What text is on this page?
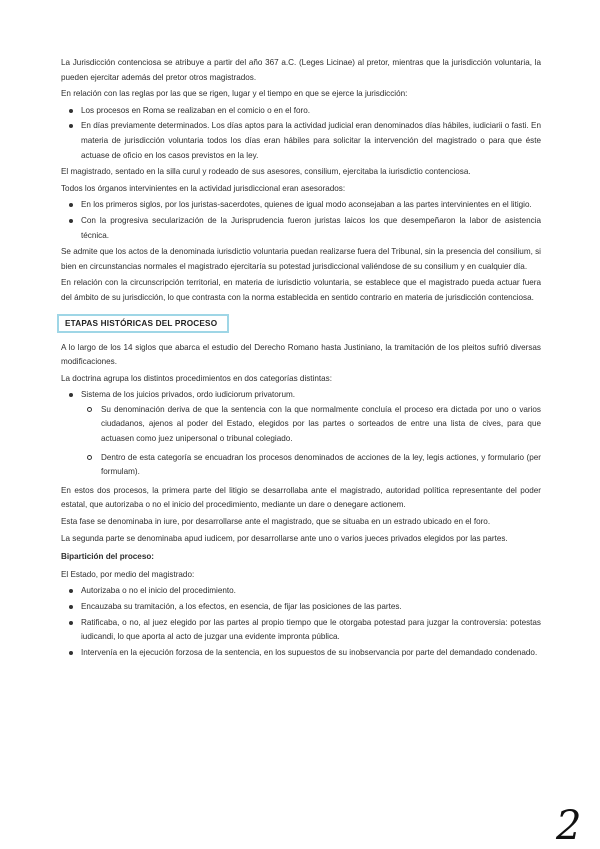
La Jurisdicción contenciosa se atribuye a partir del año 367 a.C. (Leges Licinae) al pretor, mientras que la jurisdicción voluntaria, la pueden ejercitar además del pretor otros magistrados.

En relación con las reglas por las que se rigen, lugar y el tiempo en que se ejerce la jurisdicción:

Los procesos en Roma se realizaban en el comicio o en el foro.
En días previamente determinados. Los días aptos para la actividad judicial eran denominados días hábiles, iudiciarii o fasti. En materia de jurisdicción voluntaria todos los días eran hábiles para solicitar la intervención del magistrado o para que éste actuase de oficio en los casos previstos en la ley.

El magistrado, sentado en la silla curul y rodeado de sus asesores, consilium, ejercitaba la iurisdictio contenciosa.

Todos los órganos intervinientes en la actividad jurisdiccional eran asesorados:

En los primeros siglos, por los juristas-sacerdotes, quienes de igual modo aconsejaban a las partes intervinientes en el litigio.
Con la progresiva secularización de la Jurisprudencia fueron juristas laicos los que desempeñaron la labor de asistencia técnica.

Se admite que los actos de la denominada iurisdictio voluntaria puedan realizarse fuera del Tribunal, sin la presencia del consilium, si bien en circunstancias normales el magistrado ejercitaría su potestad jurisdiccional valiéndose de su consilium y en cualquier día.

En relación con la circunscripción territorial, en materia de iurisdictio voluntaria, se establece que el magistrado pueda actuar fuera del ámbito de su jurisdicción, lo que contrasta con la norma establecida en sentido contrario en materia de jurisdicción contenciosa.

ETAPAS HISTÓRICAS DEL PROCESO

A lo largo de los 14 siglos que abarca el estudio del Derecho Romano hasta Justiniano, la tramitación de los pleitos sufrió diversas modificaciones.

La doctrina agrupa los distintos procedimientos en dos categorías distintas:

Sistema de los juicios privados, ordo iudiciorum privatorum.
Su denominación deriva de que la sentencia con la que normalmente concluía el proceso era dictada por uno o varios ciudadanos, ajenos al poder del Estado, elegidos por las partes o sorteados de entre una lista de cives, para que actuasen como juez unipersonal o tribunal colegiado.
Dentro de esta categoría se encuadran los procesos denominados de acciones de la ley, legis actiones, y formulario (per formulam).

En estos dos procesos, la primera parte del litigio se desarrollaba ante el magistrado, autoridad política representante del poder estatal, que autorizaba o no el inicio del procedimiento, mediante un dare o denegare actionem.

Esta fase se denominaba in iure, por desarrollarse ante el magistrado, que se situaba en un estrado ubicado en el foro.

La segunda parte se denominaba apud iudicem, por desarrollarse ante uno o varios jueces privados elegidos por las partes.

Bipartición del proceso:

El Estado, por medio del magistrado:

Autorizaba o no el inicio del procedimiento.
Encauzaba su tramitación, a los efectos, en esencia, de fijar las posiciones de las partes.
Ratificaba, o no, al juez elegido por las partes al propio tiempo que le otorgaba potestad para juzgar la controversia: potestas iudicandi, lo que aporta al acto de juzgar una evidente impronta pública.
Intervenía en la ejecución forzosa de la sentencia, en los supuestos de su inobservancia por parte del demandado condenado.
2
